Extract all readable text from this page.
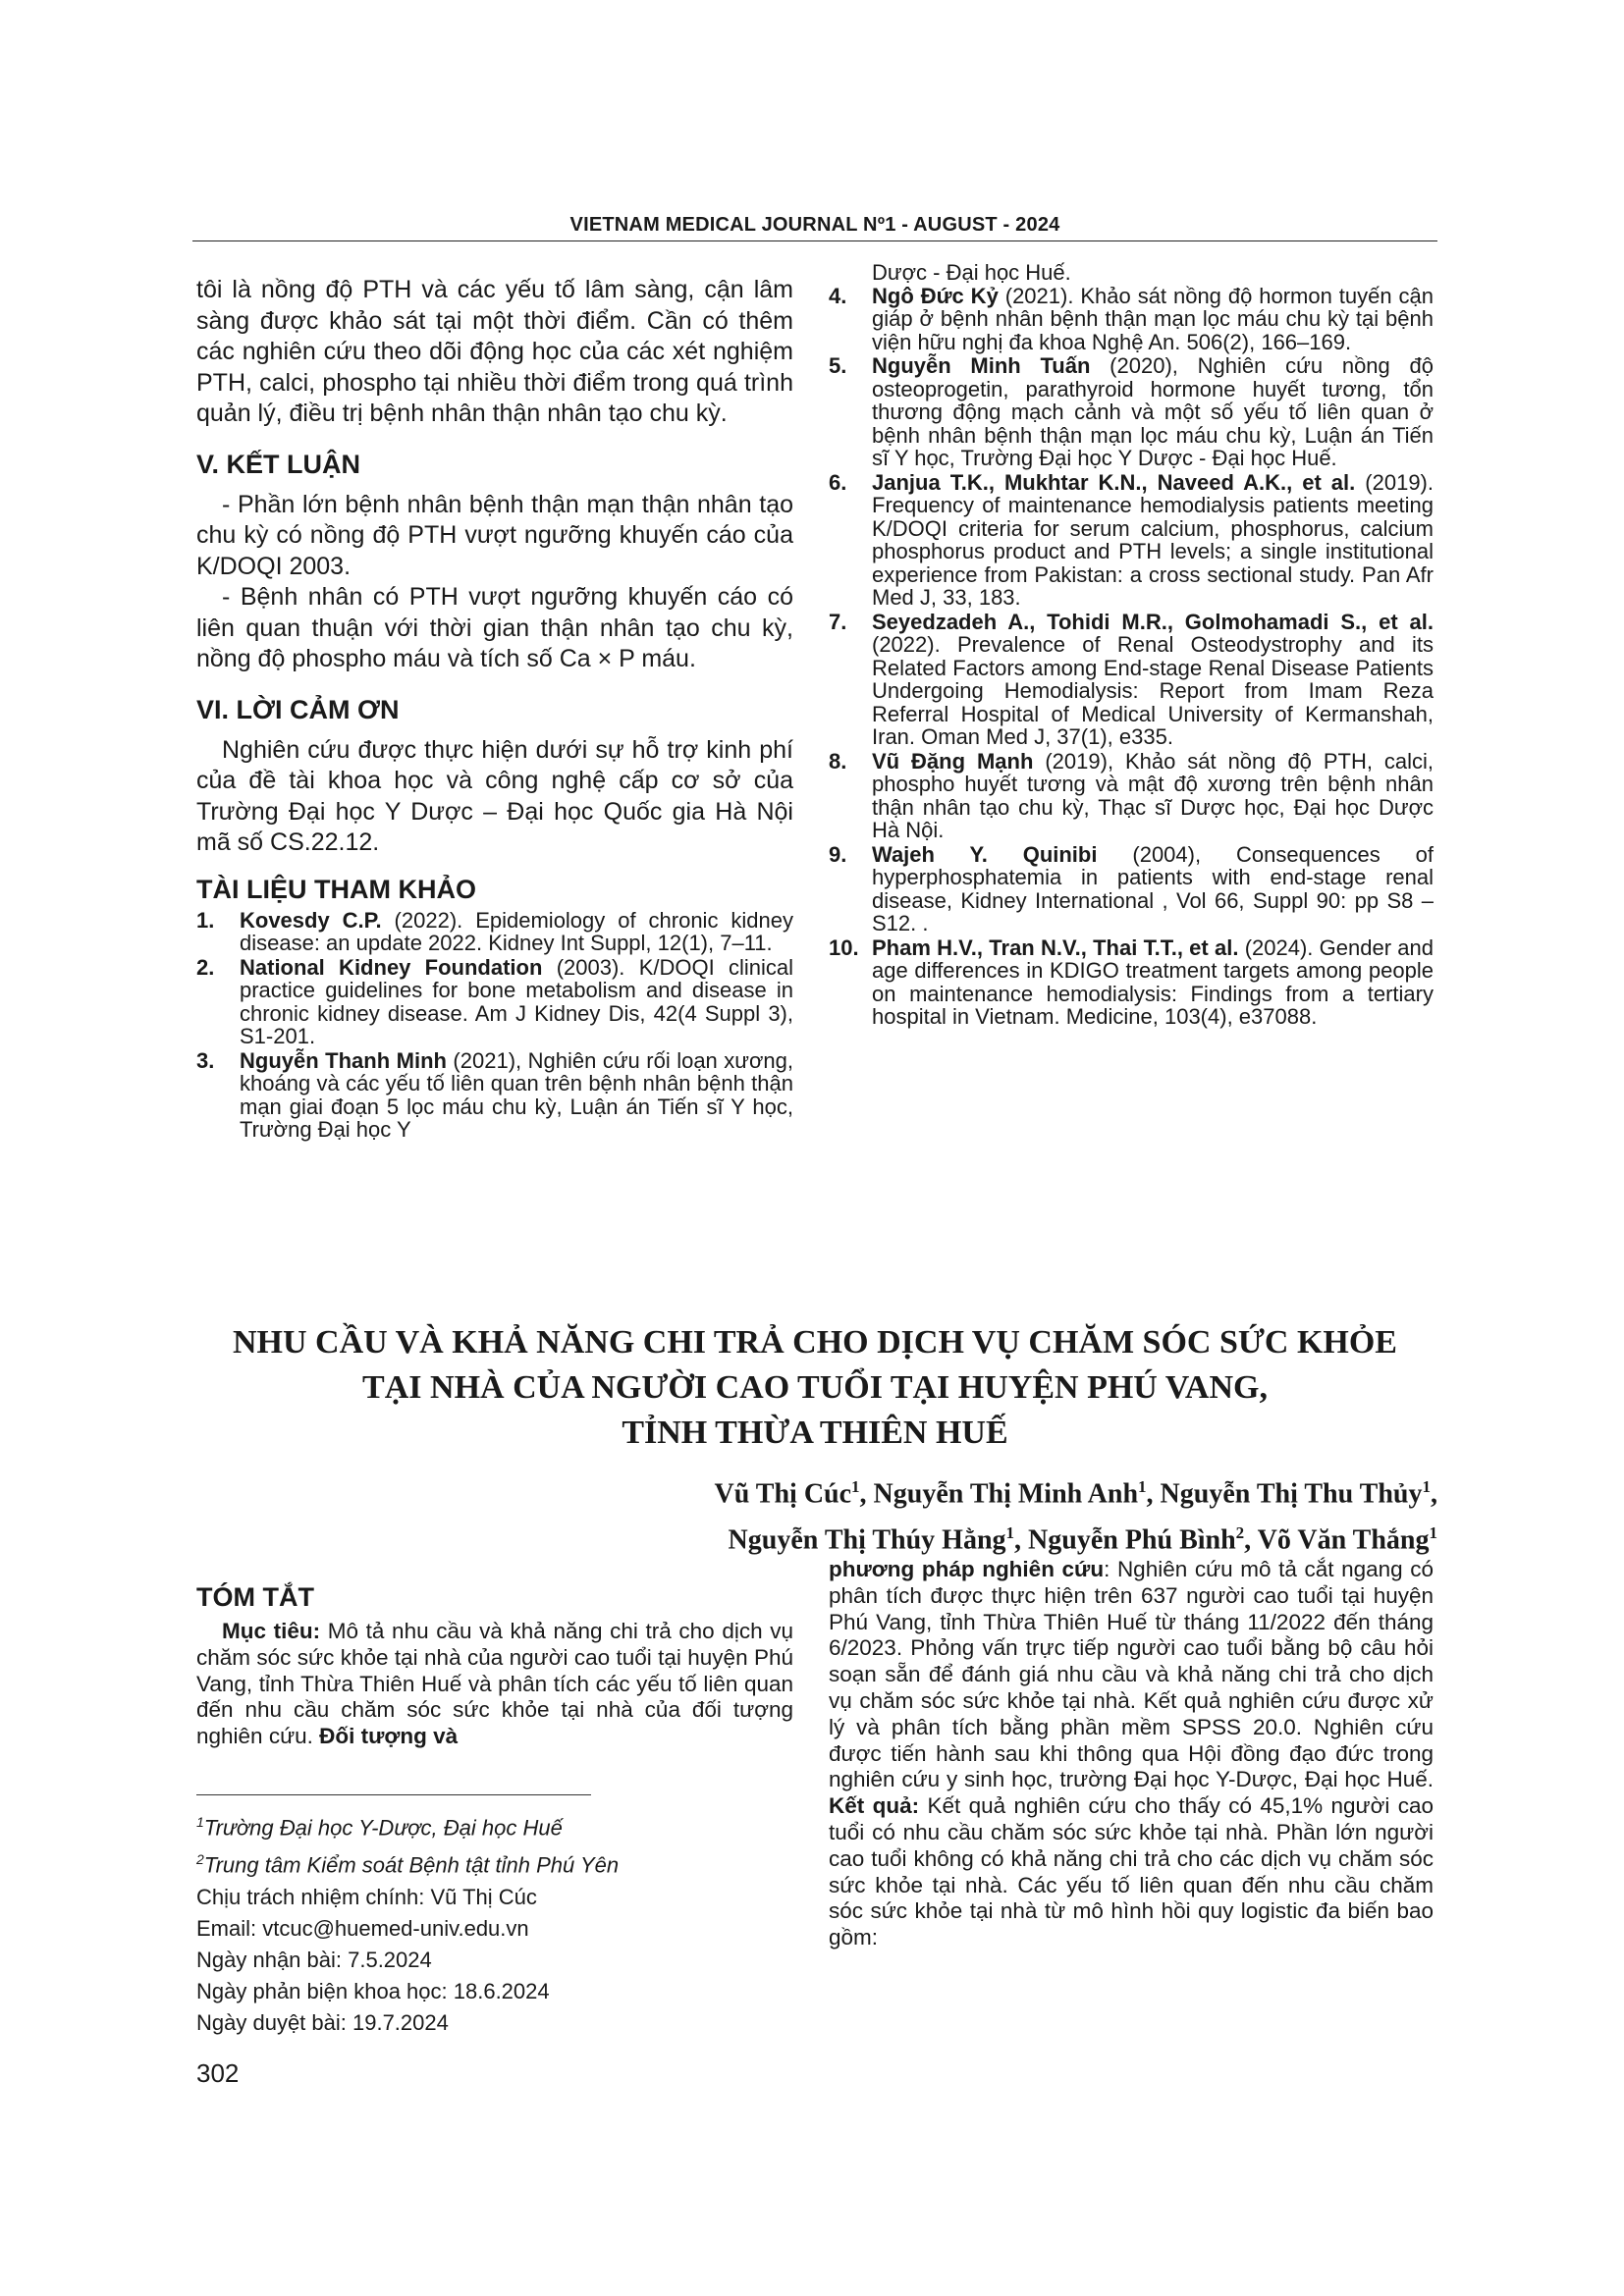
VIETNAM MEDICAL JOURNAL Nº1 - AUGUST - 2024

tôi là nồng độ PTH và các yếu tố lâm sàng, cận lâm sàng được khảo sát tại một thời điểm. Cần có thêm các nghiên cứu theo dõi động học của các xét nghiệm PTH, calci, phospho tại nhiều thời điểm trong quá trình quản lý, điều trị bệnh nhân thận nhân tạo chu kỳ.

V. KẾT LUẬN

- Phần lớn bệnh nhân bệnh thận mạn thận nhân tạo chu kỳ có nồng độ PTH vượt ngưỡng khuyến cáo của K/DOQI 2003.

- Bệnh nhân có PTH vượt ngưỡng khuyến cáo có liên quan thuận với thời gian thận nhân tạo chu kỳ, nồng độ phospho máu và tích số Ca × P máu.

VI. LỜI CẢM ƠN

Nghiên cứu được thực hiện dưới sự hỗ trợ kinh phí của đề tài khoa học và công nghệ cấp cơ sở của Trường Đại học Y Dược – Đại học Quốc gia Hà Nội mã số CS.22.12.

TÀI LIỆU THAM KHẢO
1. Kovesdy C.P. (2022). Epidemiology of chronic kidney disease: an update 2022. Kidney Int Suppl, 12(1), 7–11.
2. National Kidney Foundation (2003). K/DOQI clinical practice guidelines for bone metabolism and disease in chronic kidney disease. Am J Kidney Dis, 42(4 Suppl 3), S1-201.
3. Nguyễn Thanh Minh (2021), Nghiên cứu rối loạn xương, khoáng và các yếu tố liên quan trên bệnh nhân bệnh thận mạn giai đoạn 5 lọc máu chu kỳ, Luận án Tiến sĩ Y học, Trường Đại học Y
Dược - Đại học Huế.
4. Ngô Đức Kỷ (2021). Khảo sát nồng độ hormon tuyến cận giáp ở bệnh nhân bệnh thận mạn lọc máu chu kỳ tại bệnh viện hữu nghị đa khoa Nghệ An. 506(2), 166–169.
5. Nguyễn Minh Tuấn (2020), Nghiên cứu nồng độ osteoprogetin, parathyroid hormone huyết tương, tổn thương động mạch cảnh và một số yếu tố liên quan ở bệnh nhân bệnh thận mạn lọc máu chu kỳ, Luận án Tiến sĩ Y học, Trường Đại học Y Dược - Đại học Huế.
6. Janjua T.K., Mukhtar K.N., Naveed A.K., et al. (2019). Frequency of maintenance hemodialysis patients meeting K/DOQI criteria for serum calcium, phosphorus, calcium phosphorus product and PTH levels; a single institutional experience from Pakistan: a cross sectional study. Pan Afr Med J, 33, 183.
7. Seyedzadeh A., Tohidi M.R., Golmohamadi S., et al. (2022). Prevalence of Renal Osteodystrophy and its Related Factors among End-stage Renal Disease Patients Undergoing Hemodialysis: Report from Imam Reza Referral Hospital of Medical University of Kermanshah, Iran. Oman Med J, 37(1), e335.
8. Vũ Đặng Mạnh (2019), Khảo sát nồng độ PTH, calci, phospho huyết tương và mật độ xương trên bệnh nhân thận nhân tạo chu kỳ, Thạc sĩ Dược học, Đại học Dược Hà Nội.
9. Wajeh Y. Quinibi (2004), Consequences of hyperphosphatemia in patients with end-stage renal disease, Kidney International , Vol 66, Suppl 90: pp S8 – S12. .
10. Pham H.V., Tran N.V., Thai T.T., et al. (2024). Gender and age differences in KDIGO treatment targets among people on maintenance hemodialysis: Findings from a tertiary hospital in Vietnam. Medicine, 103(4), e37088.
NHU CẦU VÀ KHẢ NĂNG CHI TRẢ CHO DỊCH VỤ CHĂM SÓC SỨC KHỎE
TẠI NHÀ CỦA NGƯỜI CAO TUỔI TẠI HUYỆN PHÚ VANG,
TỈNH THỪA THIÊN HUẾ
Vũ Thị Cúc$^1$, Nguyễn Thị Minh Anh$^1$, Nguyễn Thị Thu Thủy$^1$,
Nguyễn Thị Thúy Hằng$^1$, Nguyễn Phú Bình$^2$, Võ Văn Thắng$^1$
TÓM TẮT

Mục tiêu: Mô tả nhu cầu và khả năng chi trả cho dịch vụ chăm sóc sức khỏe tại nhà của người cao tuổi tại huyện Phú Vang, tỉnh Thừa Thiên Huế và phân tích các yếu tố liên quan đến nhu cầu chăm sóc sức khỏe tại nhà của đối tượng nghiên cứu. Đối tượng và

phương pháp nghiên cứu: Nghiên cứu mô tả cắt ngang có phân tích được thực hiện trên 637 người cao tuổi tại huyện Phú Vang, tỉnh Thừa Thiên Huế từ tháng 11/2022 đến tháng 6/2023. Phỏng vấn trực tiếp người cao tuổi bằng bộ câu hỏi soạn sẵn để đánh giá nhu cầu và khả năng chi trả cho dịch vụ chăm sóc sức khỏe tại nhà. Kết quả nghiên cứu được xử lý và phân tích bằng phần mềm SPSS 20.0. Nghiên cứu được tiến hành sau khi thông qua Hội đồng đạo đức trong nghiên cứu y sinh học, trường Đại học Y-Dược, Đại học Huế. Kết quả: Kết quả nghiên cứu cho thấy có 45,1% người cao tuổi có nhu cầu chăm sóc sức khỏe tại nhà. Phần lớn người cao tuổi không có khả năng chi trả cho các dịch vụ chăm sóc sức khỏe tại nhà. Các yếu tố liên quan đến nhu cầu chăm sóc sức khỏe tại nhà từ mô hình hồi quy logistic đa biến bao gồm:

$^1$Trường Đại học Y-Dược, Đại học Huế
$^2$Trung tâm Kiểm soát Bệnh tật tỉnh Phú Yên
Chịu trách nhiệm chính: Vũ Thị Cúc
Email: vtcuc@huemed-univ.edu.vn
Ngày nhận bài: 7.5.2024
Ngày phản biện khoa học: 18.6.2024
Ngày duyệt bài: 19.7.2024
302
